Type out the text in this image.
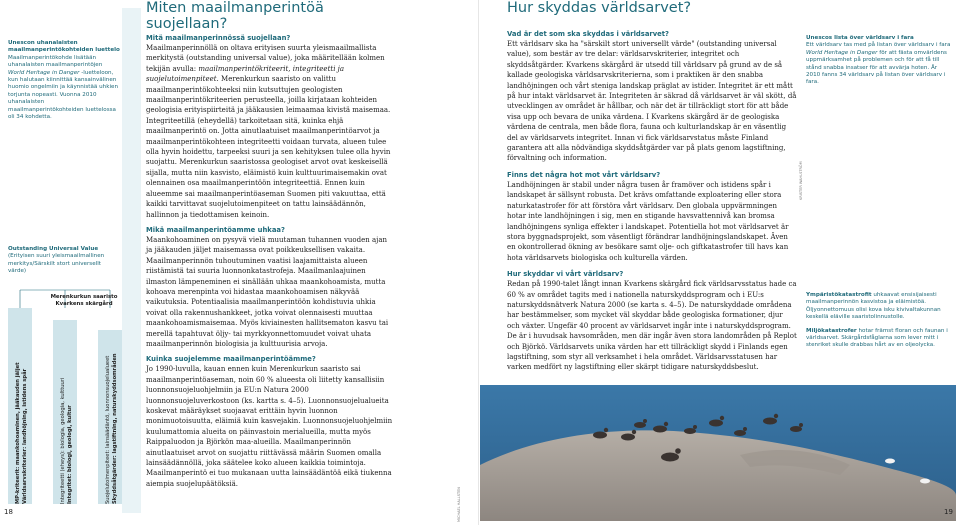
Unescon uhanalaisten maailmanperintökohteiden luettelo
Maailmanperintökohde lisätään uhanalaisten maailmanperintöjen World Heritage in Danger -luetteloon, kun halutaan kiinnittää kansainvälinen huomio ongelmiin ja käynnistää uhkien torjunta nopeasti. Vuonna 2010 uhanalaisten maailmanperintökohteiden luettelossa oli 34 kohdetta.
Outstanding Universal Value
(Erityisen suuri yleismaailmallinen
merkitys/Särskilt stort universellt värde)
MP-kriteerit: maankohoaminen, jääkauden jäljet Världsarvskriterier: landhöjning, istidens spår	Integriteetti (eheys): biologia, geologia, kulttuuri Integritet: biologi, geologi, kultur	Suojelutoimenpiteet: lainsäädäntö, luonnonsuojelualueet Skyddsåtgärder: lagstiftning, naturskyddsområden
Merenkurkun saaristo
Kvarkens skärgård
Miten maailmanperintöä suojellaan?
Mitä maailmanperinnössä suojellaan?
Maailmanperinnöllä on oltava erityisen suurta yleismaailmallista merkitystä (outstanding universal value), joka määritellään kolmen tekijän avulla: maailmanperintökriteerit, integriteetti ja suojelutoimenpiteet. Merenkurkun saaristo on valittu maailmanperintökohteeksi niin kutsuttujen geologisten maailmanperintökriteerien perusteella, joilla kirjataan kohteiden geologisia erityispiirteitä ja jääkausien leimaamaa kivistä maisemaa. Integriteetillä (eheydellä) tarkoitetaan sitä, kuinka ehjä maailmanperintö on. Jotta ainutlaatuiset maailmanperintöarvot ja maailmanperintökohteen integriteetti voidaan turvata, alueen tulee olla hyvin hoidettu, tarpeeksi suuri ja sen kehityksen tulee olla hyvin suojattu. Merenkurkun saaristossa geologiset arvot ovat keskeisellä sijalla, mutta niin kasvisto, eläimistö kuin kulttuurimaisemakin ovat olennainen osa maailmanperintöön integriteettiä. Ennen kuin alueemme sai maailmanperintöaseman Suomen piti vakuuttaa, että kaikki tarvittavat suojelutoimenpiteet on tattu lainsäädännön, hallinnon ja tiedottamisen keinoin.
Mikä maailmanperintöamme uhkaa?
Maankohoaminen on pysyvä vielä muutaman tuhannen vuoden ajan ja jääkauden jäljet maisemassa ovat poikkeuksellisen vakaita. Maailmanperinnön tuhoutuminen vaatisi laajamittaista alueen riistämistä tai suuria luonnonkatastrofeja. Maailmanlaajuinen ilmaston lämpeneminen ei sinällään uhkaa maankohoamista, mutta kohoava merenpinta voi hidastaa maankohoamisen näkyvää vaikutuksia. Potentiaalisia maailmanperintöön kohdistuvia uhkia voivat olla rakennushankkeet, jotka voivat olennaisesti muuttaa maankohoamismaisemaa. Myös kiviainesten hallitsematon kasvu tai merellä tapahtuvat öljy- tai myrkkyonnettomuudet voivat uhata maailmanperinnön biologisia ja kulttuurisia arvoja.
Kuinka suojelemme maailmanperintöämme?
Jo 1990-luvulla, kauan ennen kuin Merenkurkun saaristo sai maailmanperintöaseman, noin 60 % alueesta oli liitetty kansallisiin luonnonsuojeluohjelmiin ja EU:n Natura 2000 luonnonsuojeluverkostoon (ks. kartta s. 4–5). Luonnonsuojelualueita koskevat määräykset suojaavat erittäin hyvin luonnon monimuotoisuutta, eläimiä kuin kasvejakin. Luonnonsuojeluohjelmiin kuulumattomia alueita on päinvastoin merialueilla, mutta myös Raippaluodon ja Björkön maa-alueilla. Maailmanperinnön ainutlaatuiset arvot on suojattu riittävässä määrin Suomen omalla lainsäädännöllä, joka säätelee koko alueen kaikkia toimintoja. Maailmanperintö ei tuo mukanaan uutta lainsäädäntöä eikä tiukenna aiempia suojelupäätöksiä.
Hur skyddas världsarvet?
Vad är det som ska skyddas i världsarvet?
Ett världsarv ska ha "särskilt stort universellt värde" (outstanding universal value), som bestär av tre delar: världsarvskriterier, integritet och skyddsåtgärder. Kvarkens skärgård är utsedd till världsarv på grund av de så kallade geologiska världsarvskriterierna, som i praktiken är den snabba landhöjningen och vårt steniga landskap präglat av istider. Integritet är ett mått på hur intakt världsarvet är. Integriteten är säkrad då världsarvet är väl skött, då utvecklingen av området är hållbar, och när det är tillräckligt stort för att både visa upp och bevara de unika värdena. I Kvarkens skärgård är de geologiska värdena de centrala, men både flora, fauna och kulturlandskap är en väsentlig del av världsarvets integritet. Innan vi fick världsarvstatus måste Finland garantera att alla nödvändiga skyddsåtgärder var på plats genom lagstiftning, förvaltning och information.
Finns det några hot mot vårt världsarv?
Landhöjningen är stabil under några tusen år framöver och istidens spår i landskapet är sällsynt robusta. Det krävs omfattande exploatering eller stora naturkatastrofer för att förstöra vårt världsarv. Den globala uppvärmningen hotar inte landhöjningen i sig, men en stigande havsvattennivå kan bromsa landhöjningens synliga effekter i landskapet. Potentiella hot mot världsarvet är stora byggnadsprojekt, som väsentligt förändrar landhöjningslandskapet. Även en okontrollerad ökning av besökare samt olje- och giftkatastrofer till havs kan hota världsarvets biologiska och kulturella värden.
Hur skyddar vi vårt världsarv?
Redan på 1990-talet långt innan Kvarkens skärgård fick världsarvsstatus hade ca 60 % av området tagits med i nationella naturskyddsprogram och i EU:s naturskyddsnätverk Natura 2000 (se karta s. 4–5). De naturskyddade områdena har bestämmelser, som mycket väl skyddar både geologiska formationer, djur och växter. Ungefär 40 procent av världsarvet ingår inte i naturskyddsprogram. De är i huvudsak havsområden, men där ingår även stora landområden på Replot och Björkö. Världsarvets unika värden har ett tillräckligt skydd i Finlands egen lagstiftning, som styr all verksamhet i hela området. Världsarvsstatusen har varken medfört ny lagstiftning eller skärpt tidigare naturskyddsbeslut.
Unescos lista över världsarv i fara
Ett världsarv tas med på listan över världsarv i fara World Heritage in Danger för att fästa omvärldens uppmärksamhet på problemen och för att få till stånd snabba insatser för att avvärja hoten. År 2010 fanns 34 världsarv på listan över världsarv i fara.

Ympäristökatastrofit uhkaavat ensisijaisesti maailmanperinnön kasvistoa ja eläimistöä. Öljyonnettomuus olisi kova isku kivivaltakunnan keskellä eläville saaristolinnustolle.

Miljökatastrofer hotar främst floran och faunan i världsarvet. Skärgårdsfåglarna som lever mitt i stenriket skulle drabbas hårt av en oljeolycka.

KRISTER WAHLSTRÖM
MICHAEL HALLSTEN
18	19
